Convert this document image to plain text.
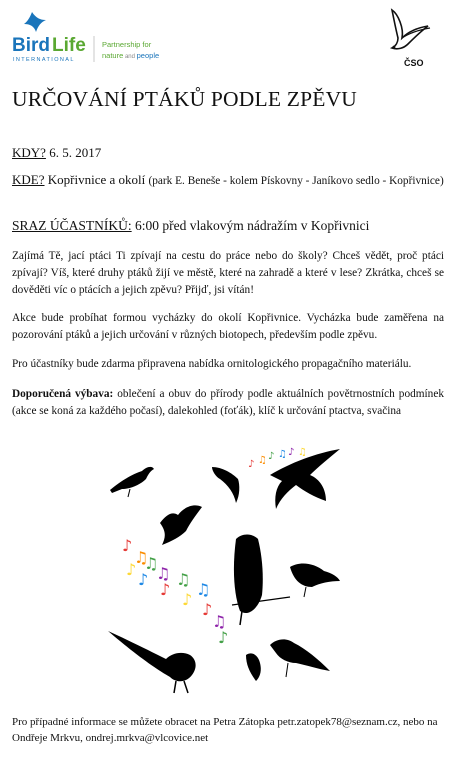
Bird Life
INTERNATIONAL
Partnership for
nature and people
ČSO
URČOVÁNÍ PTÁKŮ PODLE ZPĚVU
KDY? 6. 5. 2017
KDE? Kopřivnice a okolí (park E. Beneše - kolem Pískovny - Janíkovo sedlo - Kopřivnice)
SRAZ ÚČASTNÍKŮ: 6:00 před vlakovým nádražím v Kopřivnici
Zajímá Tě, jací ptáci Ti zpívají na cestu do práce nebo do školy? Chceš vědět, proč ptáci zpívají? Víš, které druhy ptáků žijí ve městě, které na zahradě a které v lese? Zkrátka, chceš se dověděti víc o ptácích a jejich zpěvu? Přijď, jsi vítán!
Akce bude probíhat formou vycházky do okolí Kopřivnice. Vycházka bude zaměřena na pozorování ptáků a jejich určování v různých biotopech, především podle zpěvu.
Pro účastníky bude zdarma připravena nabídka ornitologického propagačního materiálu.
Doporučená výbava: oblečení a obuv do přírody podle aktuálních povětrnostních podmínek (akce se koná za každého počasí), dalekohled (foťák), klíč k určování ptactva, svačina
♪
♫
♪ ♫
♪ ♫
♪
♫
♪
♫
♪
♫
♪
♪ ♫ ♪ ♫ ♪ ♫
Pro případné informace se můžete obracet na Petra Zátopka petr.zatopek78@seznam.cz, nebo na Ondřeje Mrkvu, ondrej.mrkva@vlcovice.net
